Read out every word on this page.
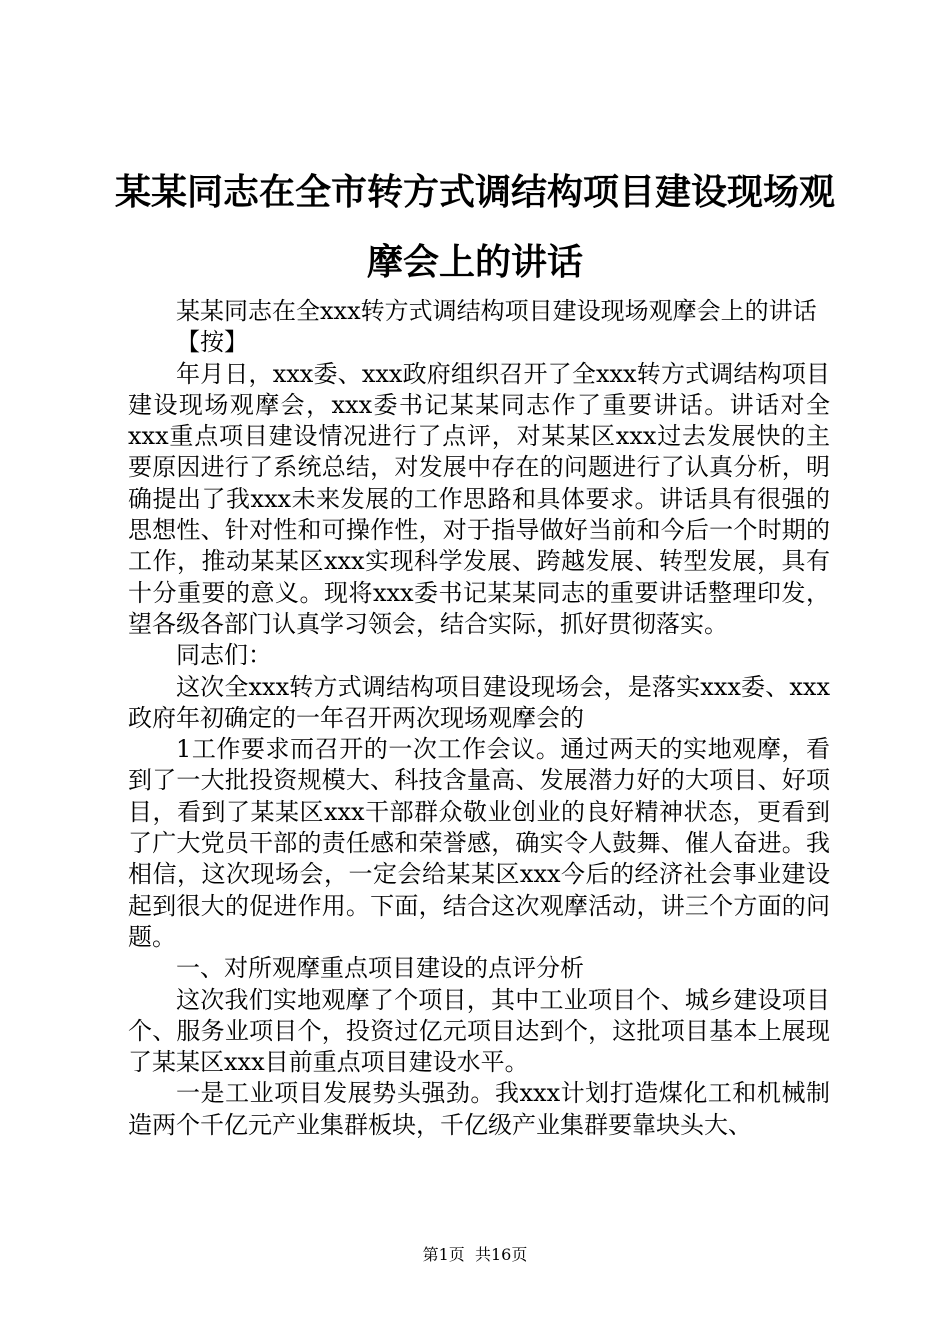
某某同志在全市转方式调结构项目建设现场观摩会上的讲话

某某同志在全xxx转方式调结构项目建设现场观摩会上的讲话

【按】

年月日，xxx委、xxx政府组织召开了全xxx转方式调结构项目建设现场观摩会，xxx委书记某某同志作了重要讲话。讲话对全xxx重点项目建设情况进行了点评，对某某区xxx过去发展快的主要原因进行了系统总结，对发展中存在的问题进行了认真分析，明确提出了我xxx未来发展的工作思路和具体要求。讲话具有很强的思想性、针对性和可操作性，对于指导做好当前和今后一个时期的工作，推动某某区xxx实现科学发展、跨越发展、转型发展，具有十分重要的意义。现将xxx委书记某某同志的重要讲话整理印发，望各级各部门认真学习领会，结合实际，抓好贯彻落实。

同志们：

这次全xxx转方式调结构项目建设现场会，是落实xxx委、xxx政府年初确定的一年召开两次现场观摩会的

1工作要求而召开的一次工作会议。通过两天的实地观摩，看到了一大批投资规模大、科技含量高、发展潜力好的大项目、好项目，看到了某某区xxx干部群众敬业创业的良好精神状态，更看到了广大党员干部的责任感和荣誉感，确实令人鼓舞、催人奋进。我相信，这次现场会，一定会给某某区xxx今后的经济社会事业建设起到很大的促进作用。下面，结合这次观摩活动，讲三个方面的问题。

一、对所观摩重点项目建设的点评分析

这次我们实地观摩了个项目，其中工业项目个、城乡建设项目个、服务业项目个，投资过亿元项目达到个，这批项目基本上展现了某某区xxx目前重点项目建设水平。

一是工业项目发展势头强劲。我xxx计划打造煤化工和机械制造两个千亿元产业集群板块，千亿级产业集群要靠块头大、

第1页 共16页
